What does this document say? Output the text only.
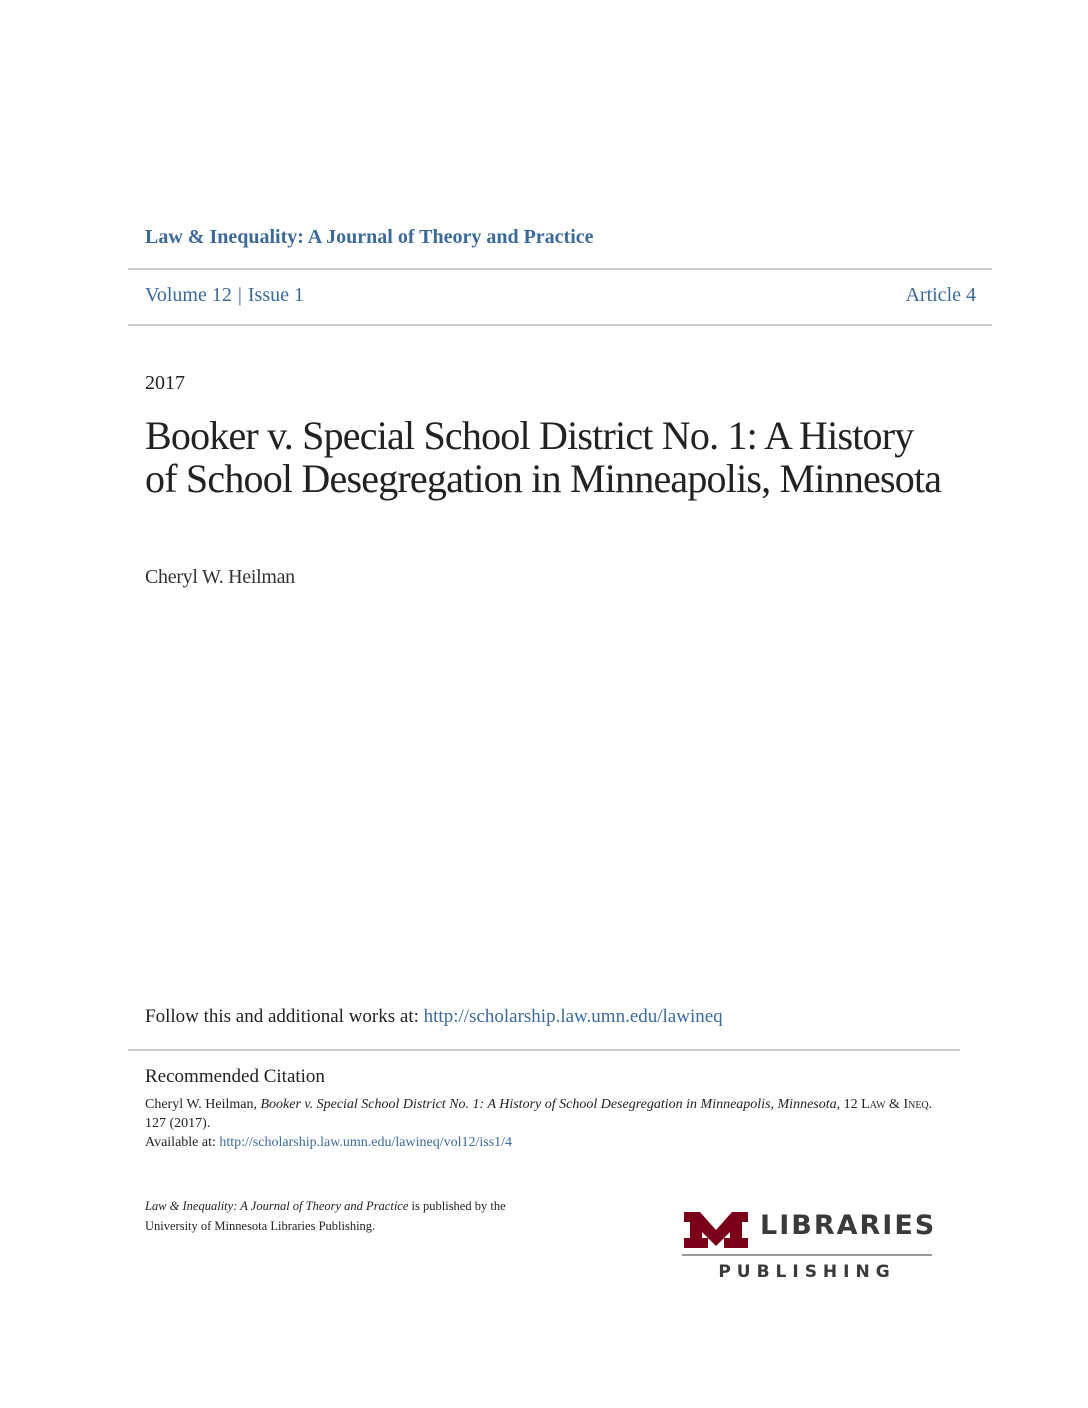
Law & Inequality: A Journal of Theory and Practice
Volume 12 | Issue 1	Article 4
2017
Booker v. Special School District No. 1: A History of School Desegregation in Minneapolis, Minnesota
Cheryl W. Heilman
Follow this and additional works at: http://scholarship.law.umn.edu/lawineq
Recommended Citation
Cheryl W. Heilman, Booker v. Special School District No. 1: A History of School Desegregation in Minneapolis, Minnesota, 12 Law & Ineq.
127 (2017).
Available at: http://scholarship.law.umn.edu/lawineq/vol12/iss1/4
Law & Inequality: A Journal of Theory and Practice is published by the University of Minnesota Libraries Publishing.	LIBRARIES
PUBLISHING
